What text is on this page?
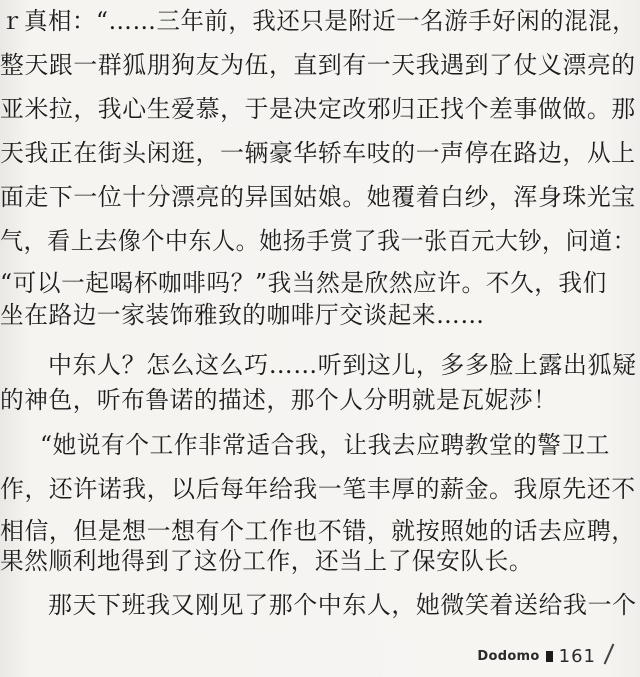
ｒ真相：“……三年前，我还只是附近一名游手好闲的混混，
整天跟一群狐朋狗友为伍，直到有一天我遇到了仗义漂亮的
亚米拉，我心生爱慕，于是决定改邪归正找个差事做做。那
天我正在街头闲逛，一辆豪华轿车吱的一声停在路边，从上
面走下一位十分漂亮的异国姑娘。她覆着白纱，浑身珠光宝
气，看上去像个中东人。她扬手赏了我一张百元大钞，问道：
“可以一起喝杯咖啡吗？”我当然是欣然应许。不久，我们
坐在路边一家装饰雅致的咖啡厅交谈起来……
中东人？怎么这么巧……听到这儿，多多脸上露出狐疑
的神色，听布鲁诺的描述，那个人分明就是瓦妮莎！
“她说有个工作非常适合我，让我去应聘教堂的警卫工
作，还许诺我，以后每年给我一笔丰厚的薪金。我原先还不
相信，但是想一想有个工作也不错，就按照她的话去应聘，
果然顺利地得到了这份工作，还当上了保安队长。
那天下班我又刚见了那个中东人，她微笑着送给我一个
Dodomo 161
